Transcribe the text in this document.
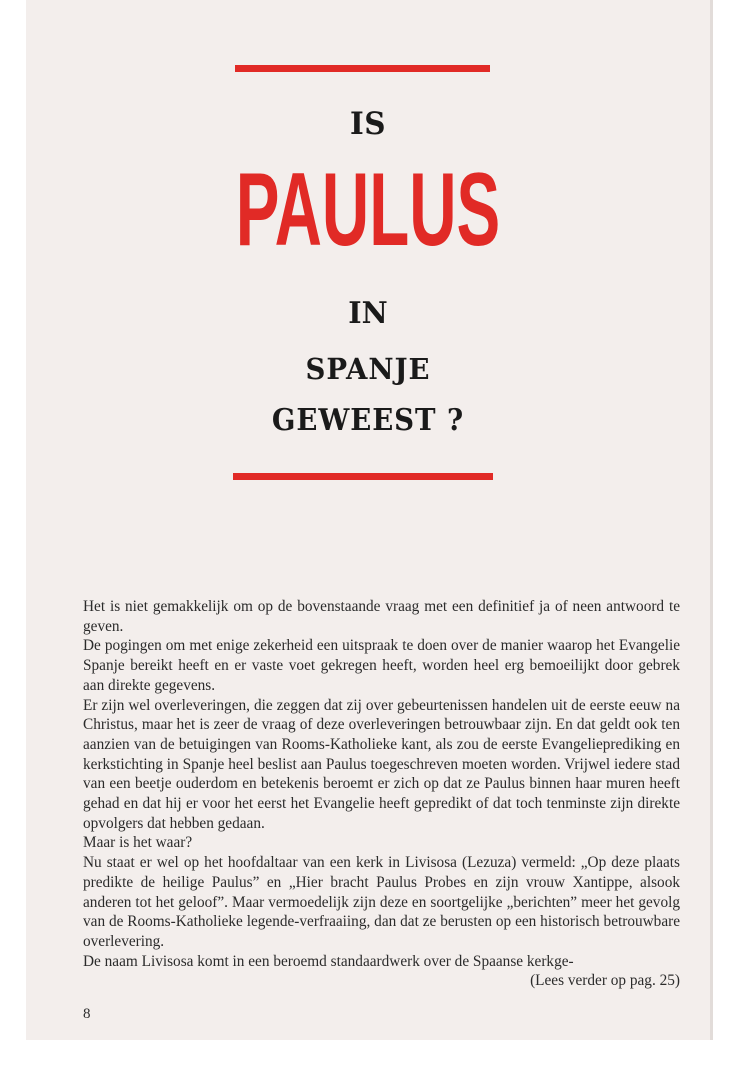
IS
PAULUS
IN
SPANJE
GEWEEST ?

Het is niet gemakkelijk om op de bovenstaande vraag met een definitief ja of neen antwoord te geven.

De pogingen om met enige zekerheid een uitspraak te doen over de manier waarop het Evangelie Spanje bereikt heeft en er vaste voet gekregen heeft, worden heel erg bemoeilijkt door gebrek aan direkte gegevens.

Er zijn wel overleveringen, die zeggen dat zij over gebeurtenissen handelen uit de eerste eeuw na Christus, maar het is zeer de vraag of deze overleveringen betrouwbaar zijn. En dat geldt ook ten aanzien van de betuigingen van Rooms-Katholieke kant, als zou de eerste Evangelieprediking en kerkstichting in Spanje heel beslist aan Paulus toegeschreven moeten worden. Vrijwel iedere stad van een beetje ouderdom en betekenis beroemt er zich op dat ze Paulus binnen haar muren heeft gehad en dat hij er voor het eerst het Evangelie heeft gepredikt of dat toch tenminste zijn direkte opvolgers dat hebben gedaan.

Maar is het waar?

Nu staat er wel op het hoofdaltaar van een kerk in Livisosa (Lezuza) vermeld: „Op deze plaats predikte de heilige Paulus” en „Hier bracht Paulus Probes en zijn vrouw Xantippe, alsook anderen tot het geloof”. Maar vermoedelijk zijn deze en soortgelijke „berichten” meer het gevolg van de Rooms-Katholieke legende-verfraaiing, dan dat ze berusten op een historisch betrouwbare overlevering.

De naam Livisosa komt in een beroemd standaardwerk over de Spaanse kerkge-

(Lees verder op pag. 25)

8
